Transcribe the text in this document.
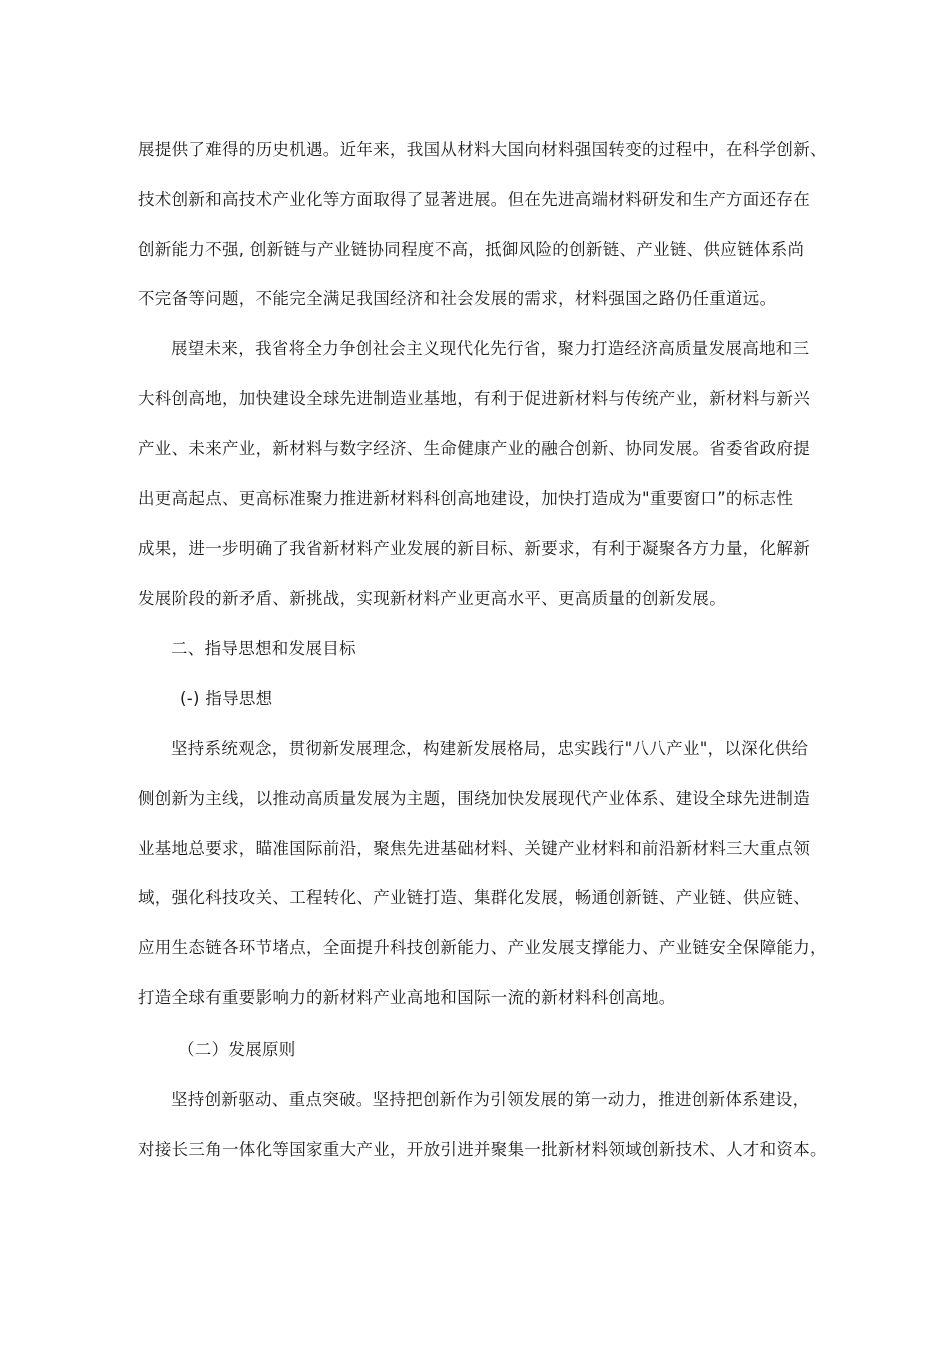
展提供了难得的历史机遇。近年来，我国从材料大国向材料强国转变的过程中，在科学创新、
技术创新和高技术产业化等方面取得了显著进展。但在先进高端材料研发和生产方面还存在
创新能力不强, 创新链与产业链协同程度不高，抵御风险的创新链、产业链、供应链体系尚
不完备等问题，不能完全满足我国经济和社会发展的需求，材料强国之路仍任重道远。
展望未来，我省将全力争创社会主义现代化先行省，聚力打造经济高质量发展高地和三
大科创高地，加快建设全球先进制造业基地，有利于促进新材料与传统产业，新材料与新兴
产业、未来产业，新材料与数字经济、生命健康产业的融合创新、协同发展。省委省政府提
出更高起点、更高标准聚力推进新材料科创高地建设，加快打造成为"重要窗口”的标志性
成果，进一步明确了我省新材料产业发展的新目标、新要求，有利于凝聚各方力量，化解新
发展阶段的新矛盾、新挑战，实现新材料产业更高水平、更高质量的创新发展。
二、指导思想和发展目标
(-) 指导思想
坚持系统观念，贯彻新发展理念，构建新发展格局，忠实践行"八八产业"，以深化供给
侧创新为主线，以推动高质量发展为主题，围绕加快发展现代产业体系、建设全球先进制造
业基地总要求，瞄准国际前沿，聚焦先进基础材料、关键产业材料和前沿新材料三大重点领
域，强化科技攻关、工程转化、产业链打造、集群化发展，畅通创新链、产业链、供应链、
应用生态链各环节堵点，全面提升科技创新能力、产业发展支撑能力、产业链安全保障能力，
打造全球有重要影响力的新材料产业高地和国际一流的新材料科创高地。
（二）发展原则
坚持创新驱动、重点突破。坚持把创新作为引领发展的第一动力，推进创新体系建设，
对接长三角一体化等国家重大产业，开放引进并聚集一批新材料领域创新技术、人才和资本。
